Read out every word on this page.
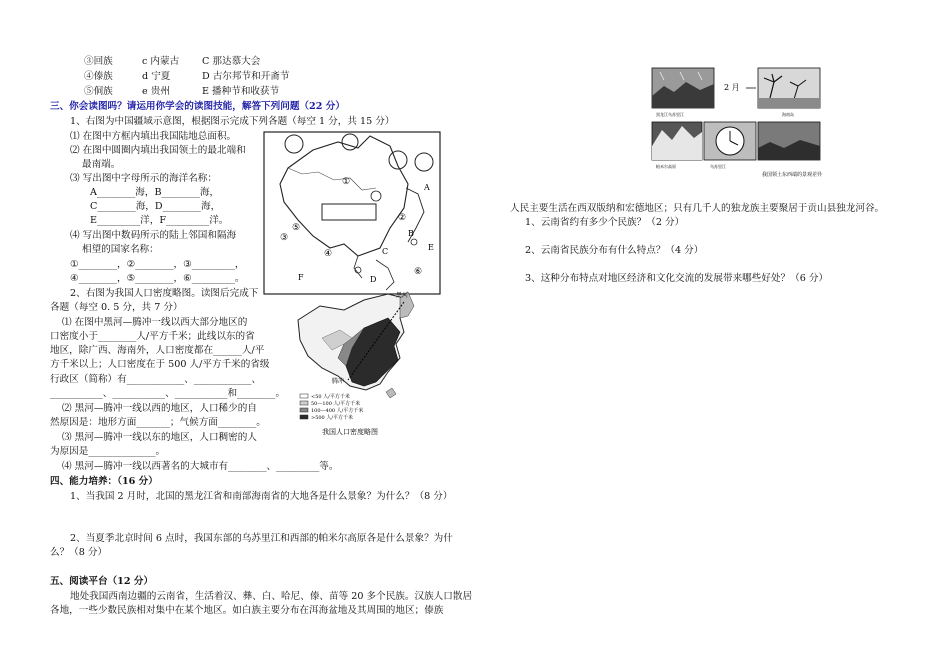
③回族	c 内蒙古 C 那达慕大会
④傣族	d 宁夏	D 古尔邦节和开斋节
⑤侗族	e 贵州	E 播种节和收获节
三、你会读图吗？请运用你学会的读图技能，解答下列问题（22 分）
1、右图为中国疆域示意图，根据图示完成下列各题（每空 1 分，共 15 分）
⑴ 在图中方框内填出我国陆地总面积。
⑵ 在图中圆圈内填出我国领土的最北端和
最南端。
⑶ 写出图中字母所示的海洋名称：
A________海，B________海，
C________海，D________海，
E_________洋，F_________洋。
⑷ 写出图中数码所示的陆上邻国和隔海
相望的国家名称：
①________，②________，③_________，
④________，⑤________，⑥_________。
2、右图为我国人口密度略图。读图后完成下
各题（每空 0. 5 分，共 7 分）
⑴ 在图中黑河—腾冲一线以西大部分地区的
口密度小于________人/平方千米；此线以东的省
地区，除广西、海南外，人口密度都在______人/平
方千米以上；人口密度在于 500 人/平方千米的省级
行政区（简称）有____________、____________、
___________、___________、___________和________。
⑵ 黑河—腾冲一线以西的地区，人口稀少的自
然原因是：地形方面_______；气候方面________。
⑶ 黑河—腾冲一线以东的地区，人口稠密的人
为原因是______________。
⑷ 黑河—腾冲一线以西著名的大城市有________、_________等。
四、能力培养：（16 分）
1、当我国 2 月时，北国的黑龙江省和南部海南省的大地各是什么景象？为什么？（8 分）
2、当夏季北京时间 6 点时，我国东部的乌苏里江和西部的帕米尔高原各是什么景象？为什
么？（8 分）
五、阅读平台（12 分）
地处我国西南边疆的云南省，生活着汉、彝、白、哈尼、傣、苗等 20 多个民族。汉族人口散居
各地，一些少数民族相对集中在某个地区。如白族主要分布在洱海盆地及其周围的地区；傣族
①
②
③
④
⑤
⑥
A
B
C
D
E
F
黑河
腾冲
<50 人/平方千米
50—100 人/平方千米
100—400 人/平方千米
>500 人/平方千米
我国人口密度略图
2 月
黑龙江乌苏里江	海南岛
帕米尔高原	乌苏里江
我国领土东西端的景观差异
人民主要生活在西双版纳和宏德地区；只有几千人的独龙族主要聚居于贡山县独龙河谷。
1、云南省约有多少个民族？（2 分）
2、云南省民族分布有什么特点？（4 分）
3、这种分布特点对地区经济和文化交流的发展带来哪些好处？（6 分）
